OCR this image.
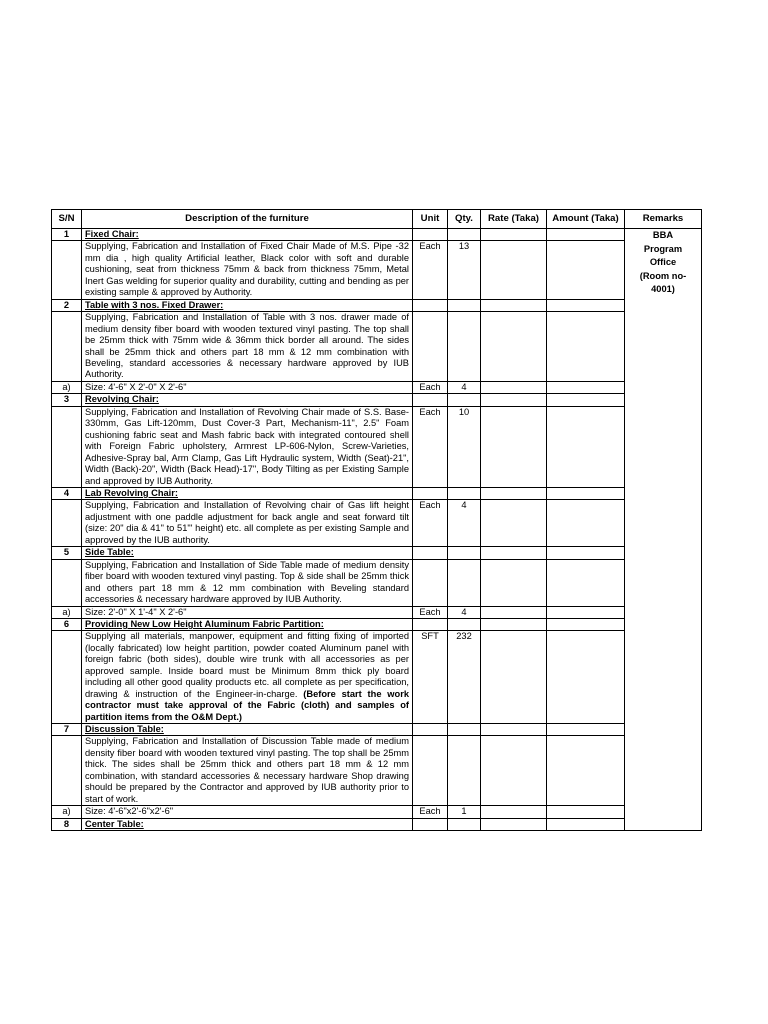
S/N	Description of the furniture	Unit	Qty.	Rate (Taka)	Amount (Taka)	Remarks
1	Fixed Chair:					BBA
Program
Office
(Room no-
4001)

	Supplying, Fabrication and Installation of Fixed Chair Made of M.S. Pipe -32 mm dia , high quality Artificial leather, Black color with soft and durable cushioning, seat from thickness 75mm & back from thickness 75mm, Metal Inert Gas welding for superior quality and durability, cutting and bending as per existing sample & approved by Authority.	Each	13			
2	Table with 3 nos. Fixed Drawer:					
	Supplying, Fabrication and Installation of Table with 3 nos. drawer made of medium density fiber board with wooden textured vinyl pasting. The top shall be 25mm thick with 75mm wide & 36mm thick border all around. The sides shall be 25mm thick and others part 18 mm & 12 mm combination with Beveling, standard accessories & necessary hardware approved by IUB Authority.					
a)	Size: 4'-6" X 2'-0" X 2'-6"	Each	4			
3	Revolving Chair:					
	Supplying, Fabrication and Installation of Revolving Chair made of S.S. Base-330mm, Gas Lift-120mm, Dust Cover-3 Part, Mechanism-11", 2.5" Foam cushioning fabric seat and Mash fabric back with integrated contoured shell with Foreign Fabric upholstery, Armrest LP-606-Nylon, Screw-Varieties, Adhesive-Spray bal, Arm Clamp, Gas Lift Hydraulic system, Width (Seat)-21", Width (Back)-20", Width (Back Head)-17", Body Tilting as per Existing Sample and approved by IUB Authority.	Each	10			
4	Lab Revolving Chair:					
	Supplying, Fabrication and Installation of Revolving chair of Gas lift height adjustment with one paddle adjustment for back angle and seat forward tilt (size: 20" dia & 41" to 51"' height) etc. all complete as per existing Sample and approved by the IUB authority.	Each	4			
5	Side Table:					
	Supplying, Fabrication and Installation of Side Table made of medium density fiber board with wooden textured vinyl pasting. Top & side shall be 25mm thick and others part 18 mm & 12 mm combination with Beveling standard accessories & necessary hardware approved by IUB Authority.					
a)	Size: 2'-0" X 1'-4" X 2'-6"	Each	4			
6	Providing New Low Height Aluminum Fabric Partition:					
	Supplying all materials, manpower, equipment and fitting fixing of imported (locally fabricated) low height partition, powder coated Aluminum panel with foreign fabric (both sides), double wire trunk with all accessories as per approved sample. Inside board must be Minimum 8mm thick ply board including all other good quality products etc. all complete as per specification, drawing & instruction of the Engineer-in-charge. (Before start the work contractor must take approval of the Fabric (cloth) and samples of partition items from the O&M Dept.)	SFT	232			
7	Discussion Table:					
	Supplying, Fabrication and Installation of Discussion Table made of medium density fiber board with wooden textured vinyl pasting. The top shall be 25mm thick. The sides shall be 25mm thick and others part 18 mm & 12 mm combination, with standard accessories & necessary hardware Shop drawing should be prepared by the Contractor and approved by IUB authority prior to start of work.					
a)	Size: 4'-6"x2'-6"x2'-6"	Each	1			
8	Center Table:					
